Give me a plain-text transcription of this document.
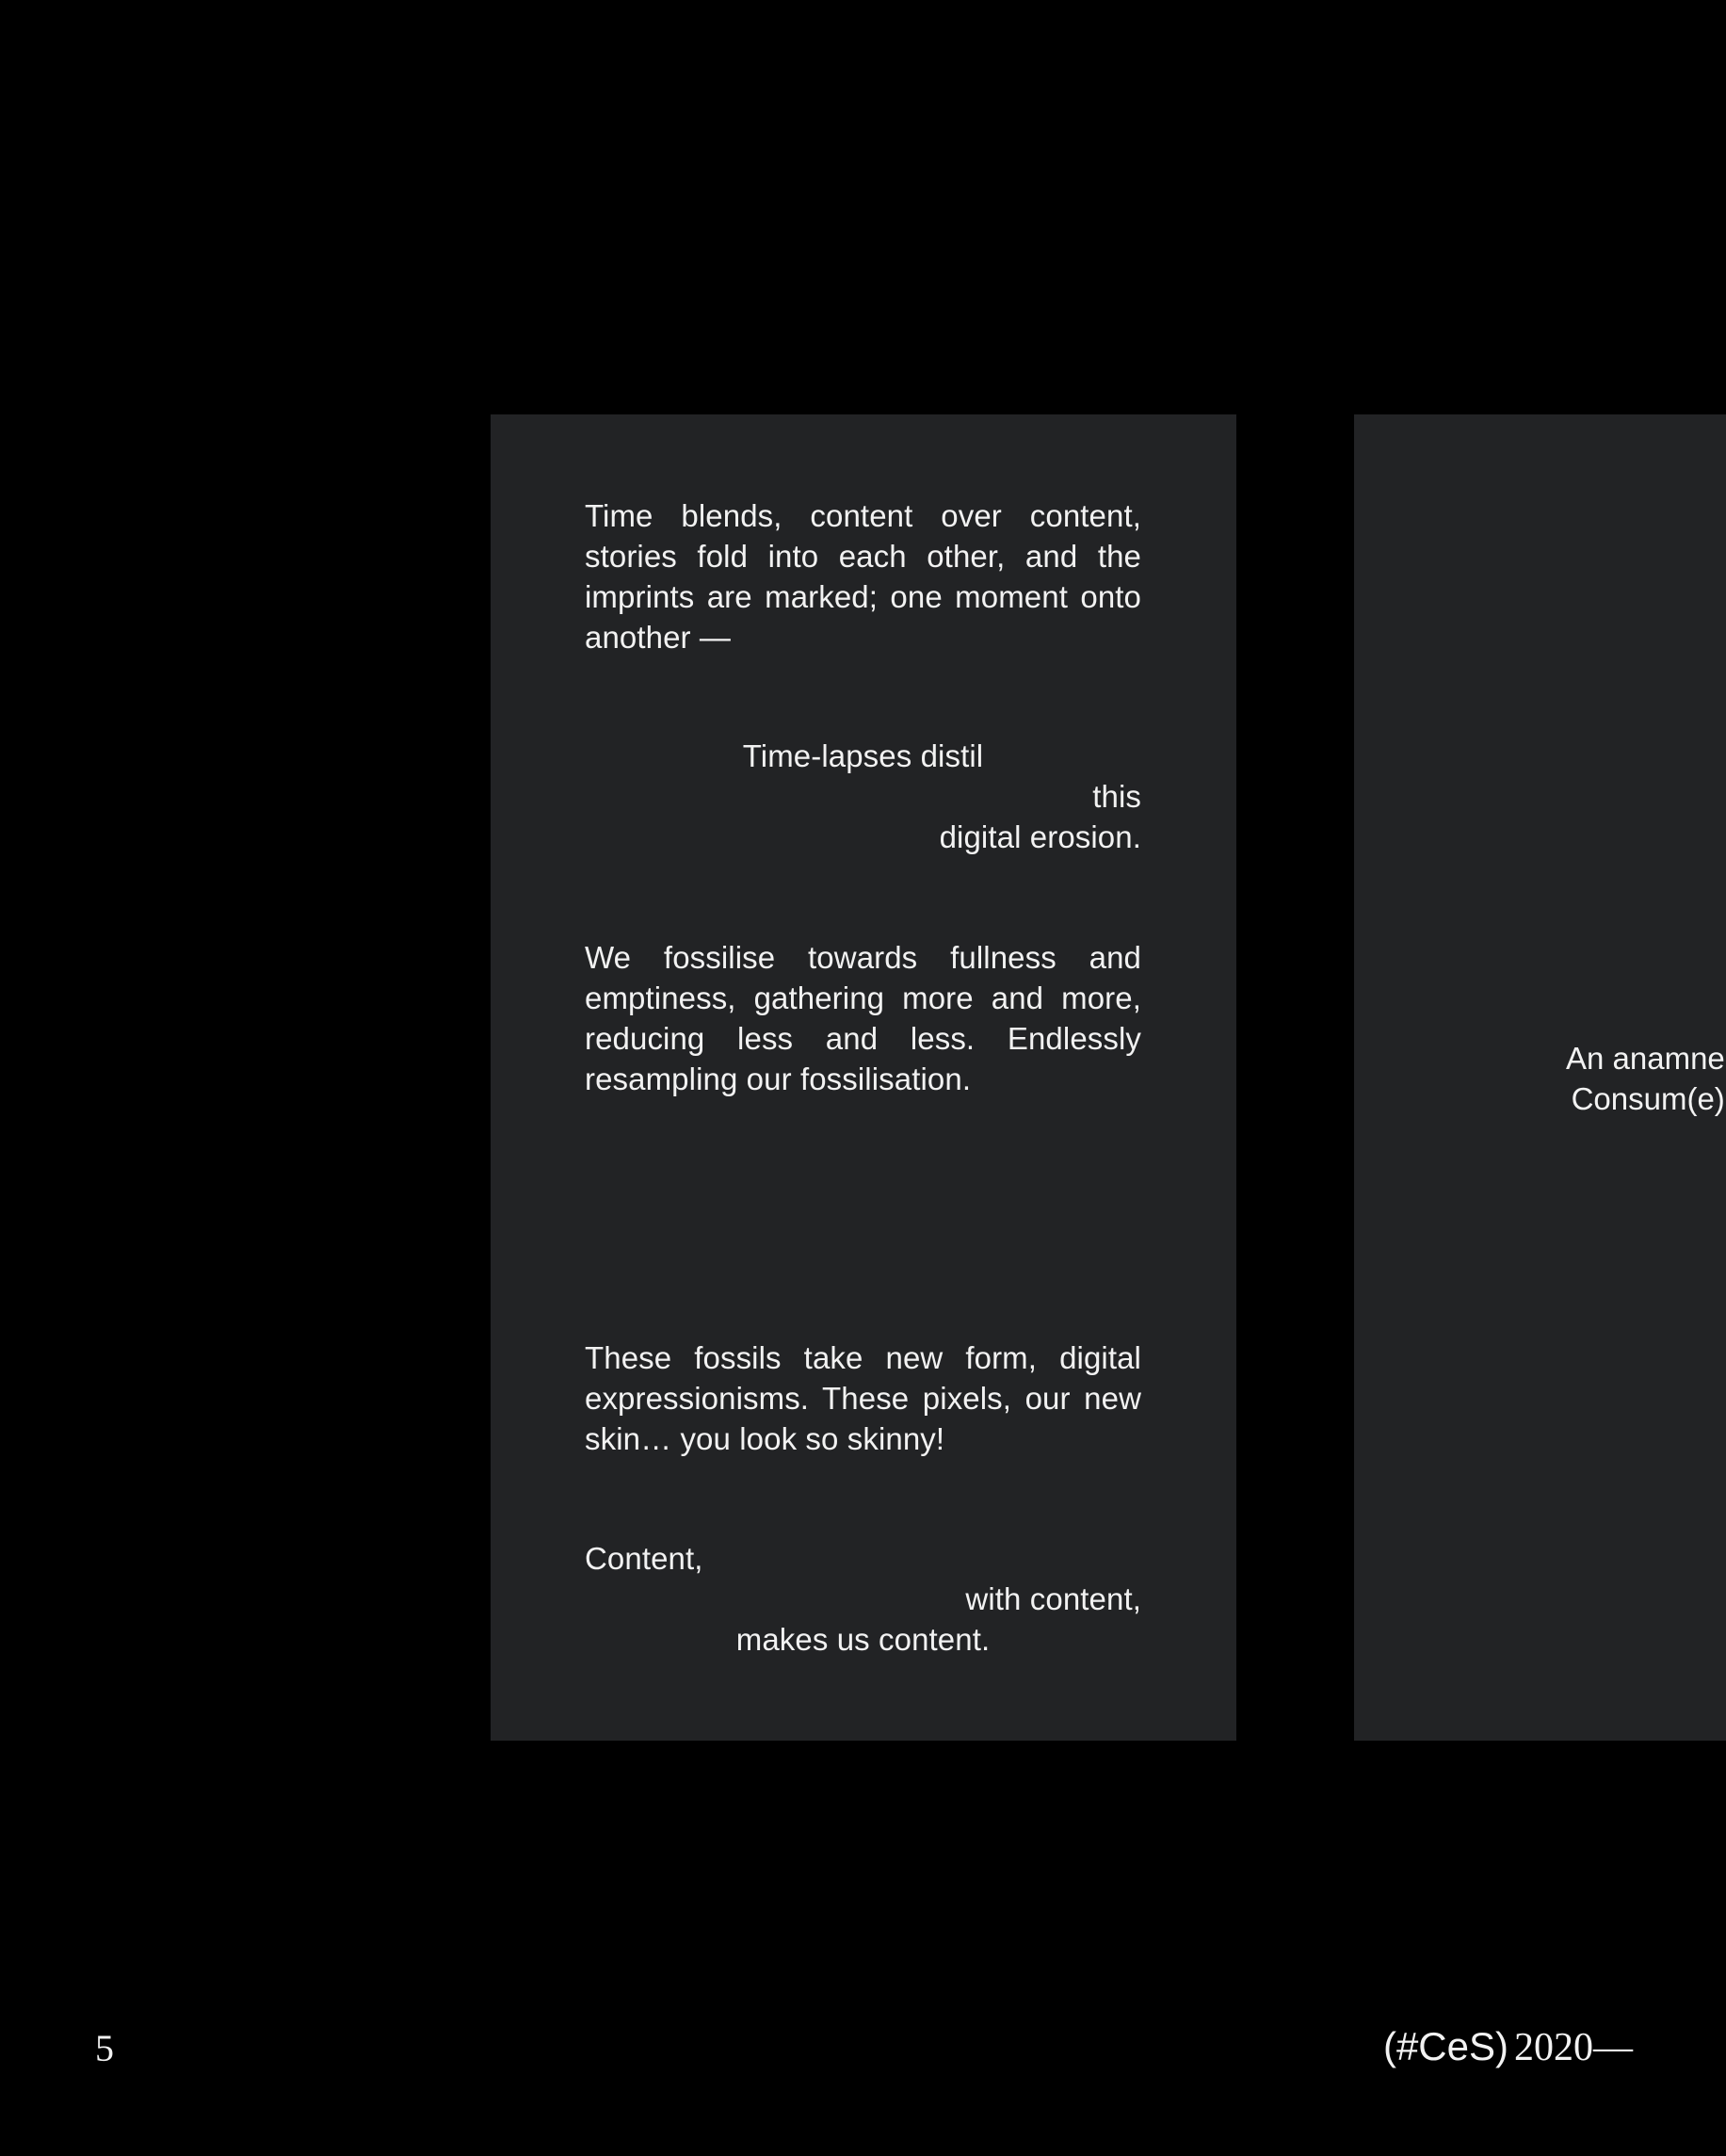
Time blends, content over content, stories fold into each other, and the imprints are marked; one moment onto another —

Time-lapses distil
this
digital erosion.

We fossilise towards fullness and emptiness, gathering more and more, reducing less and less. Endlessly resampling our fossilisation.

These fossils take new form, digital expressionisms. These pixels, our new skin… you look so skinny!

Content,
with content,
makes us content.
An anamne
Consum(e)
5	(#CeS) 2020—
